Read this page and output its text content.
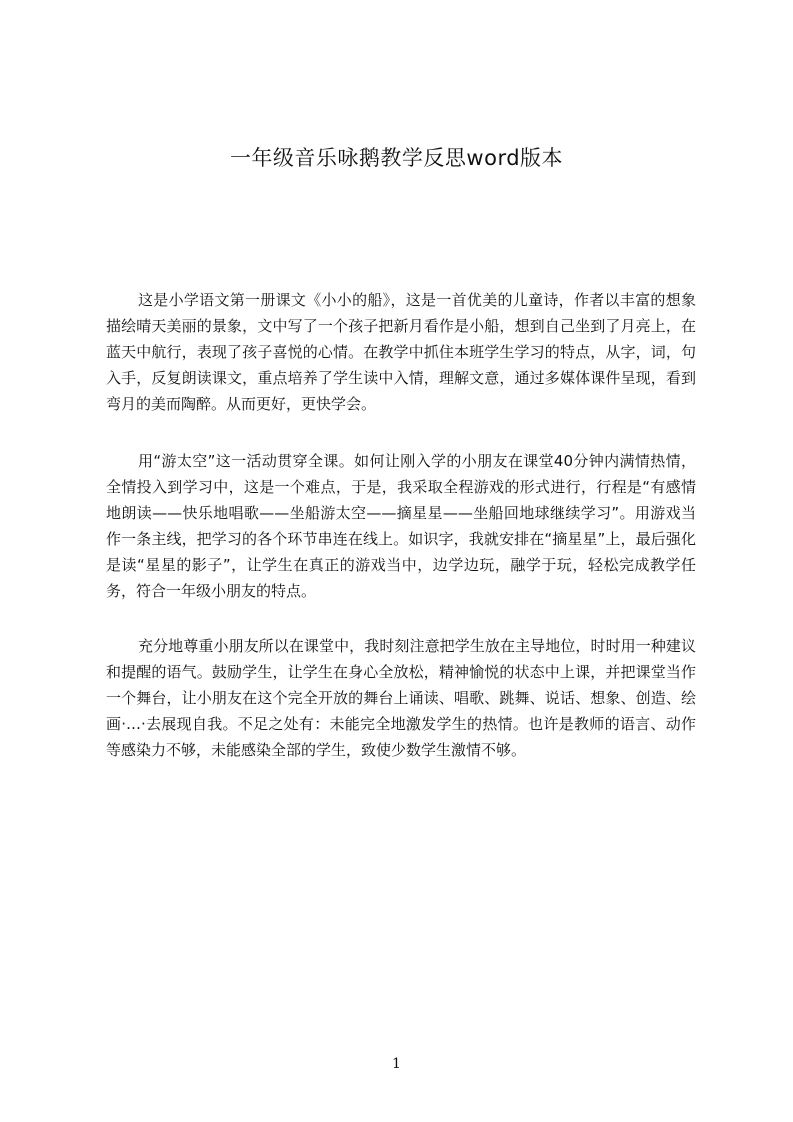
一年级音乐咏鹅教学反思word版本

这是小学语文第一册课文《小小的船》，这是一首优美的儿童诗，作者以丰富的想象描绘晴天美丽的景象，文中写了一个孩子把新月看作是小船，想到自己坐到了月亮上，在蓝天中航行，表现了孩子喜悦的心情。在教学中抓住本班学生学习的特点，从字，词，句入手，反复朗读课文，重点培养了学生读中入情，理解文意，通过多媒体课件呈现，看到弯月的美而陶醉。从而更好，更快学会。

用“游太空”这一活动贯穿全课。如何让刚入学的小朋友在课堂40分钟内满情热情，全情投入到学习中，这是一个难点，于是，我采取全程游戏的形式进行，行程是“有感情地朗读——快乐地唱歌——坐船游太空——摘星星——坐船回地球继续学习”。用游戏当作一条主线，把学习的各个环节串连在线上。如识字，我就安排在“摘星星”上，最后强化是读“星星的影子”，让学生在真正的游戏当中，边学边玩，融学于玩，轻松完成教学任务，符合一年级小朋友的特点。

充分地尊重小朋友所以在课堂中，我时刻注意把学生放在主导地位，时时用一种建议和提醒的语气。鼓励学生，让学生在身心全放松，精神愉悦的状态中上课，并把课堂当作一个舞台，让小朋友在这个完全开放的舞台上诵读、唱歌、跳舞、说话、想象、创造、绘画·…·去展现自我。不足之处有：未能完全地激发学生的热情。也许是教师的语言、动作等感染力不够，未能感染全部的学生，致使少数学生激情不够。

1
